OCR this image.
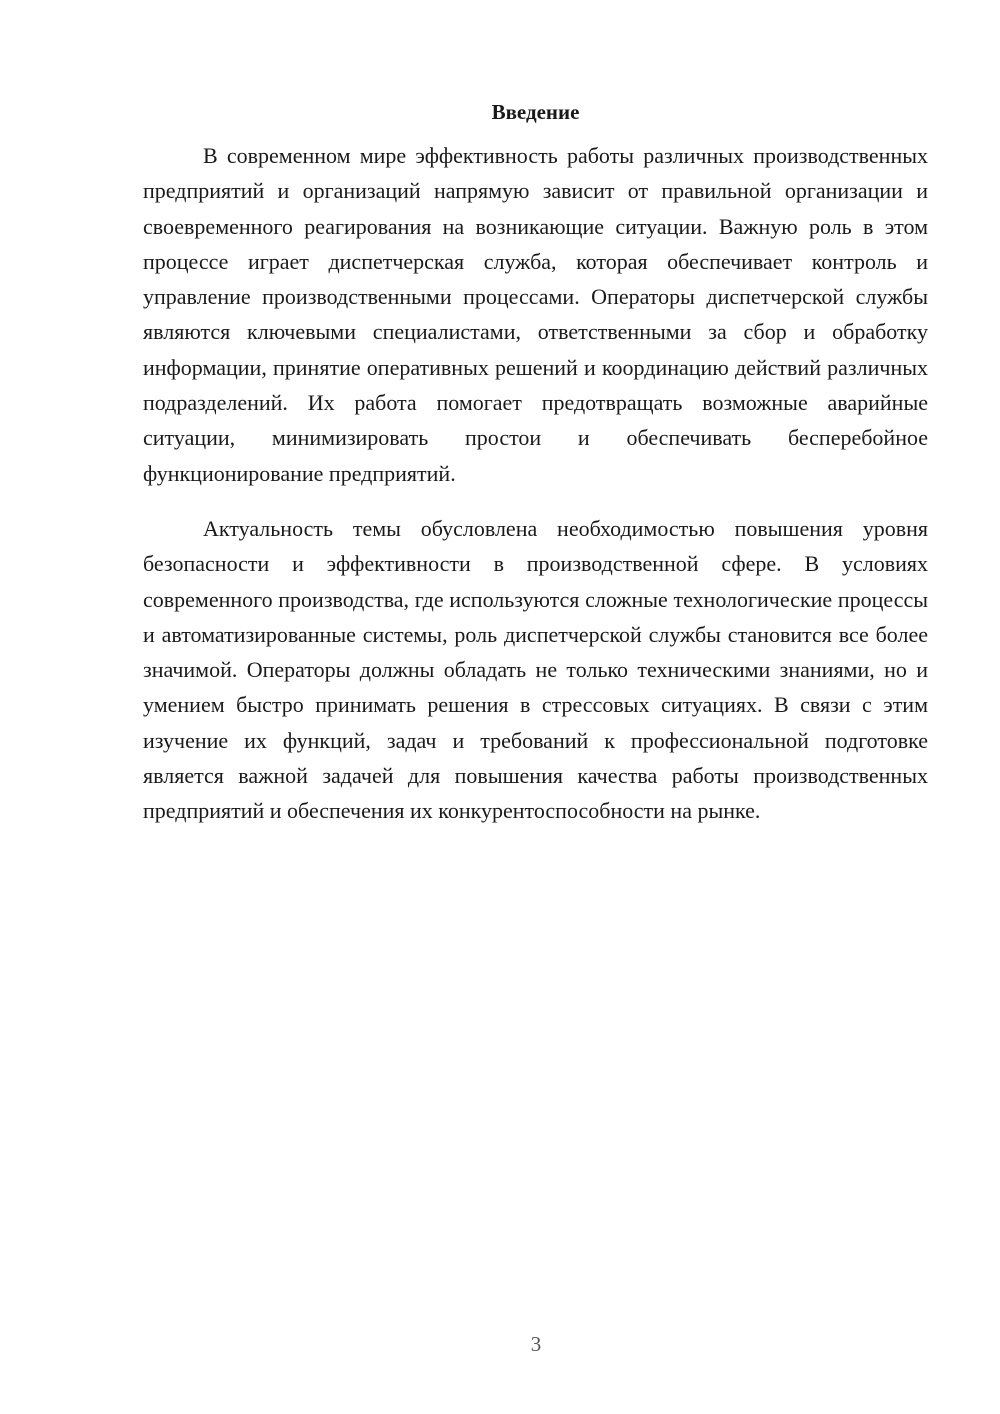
Введение

В современном мире эффективность работы различных производственных предприятий и организаций напрямую зависит от правильной организации и своевременного реагирования на возникающие ситуации. Важную роль в этом процессе играет диспетчерская служба, которая обеспечивает контроль и управление производственными процессами. Операторы диспетчерской службы являются ключевыми специалистами, ответственными за сбор и обработку информации, принятие оперативных решений и координацию действий различных подразделений. Их работа помогает предотвращать возможные аварийные ситуации, минимизировать простои и обеспечивать бесперебойное функционирование предприятий.

Актуальность темы обусловлена необходимостью повышения уровня безопасности и эффективности в производственной сфере. В условиях современного производства, где используются сложные технологические процессы и автоматизированные системы, роль диспетчерской службы становится все более значимой. Операторы должны обладать не только техническими знаниями, но и умением быстро принимать решения в стрессовых ситуациях. В связи с этим изучение их функций, задач и требований к профессиональной подготовке является важной задачей для повышения качества работы производственных предприятий и обеспечения их конкурентоспособности на рынке.

3
